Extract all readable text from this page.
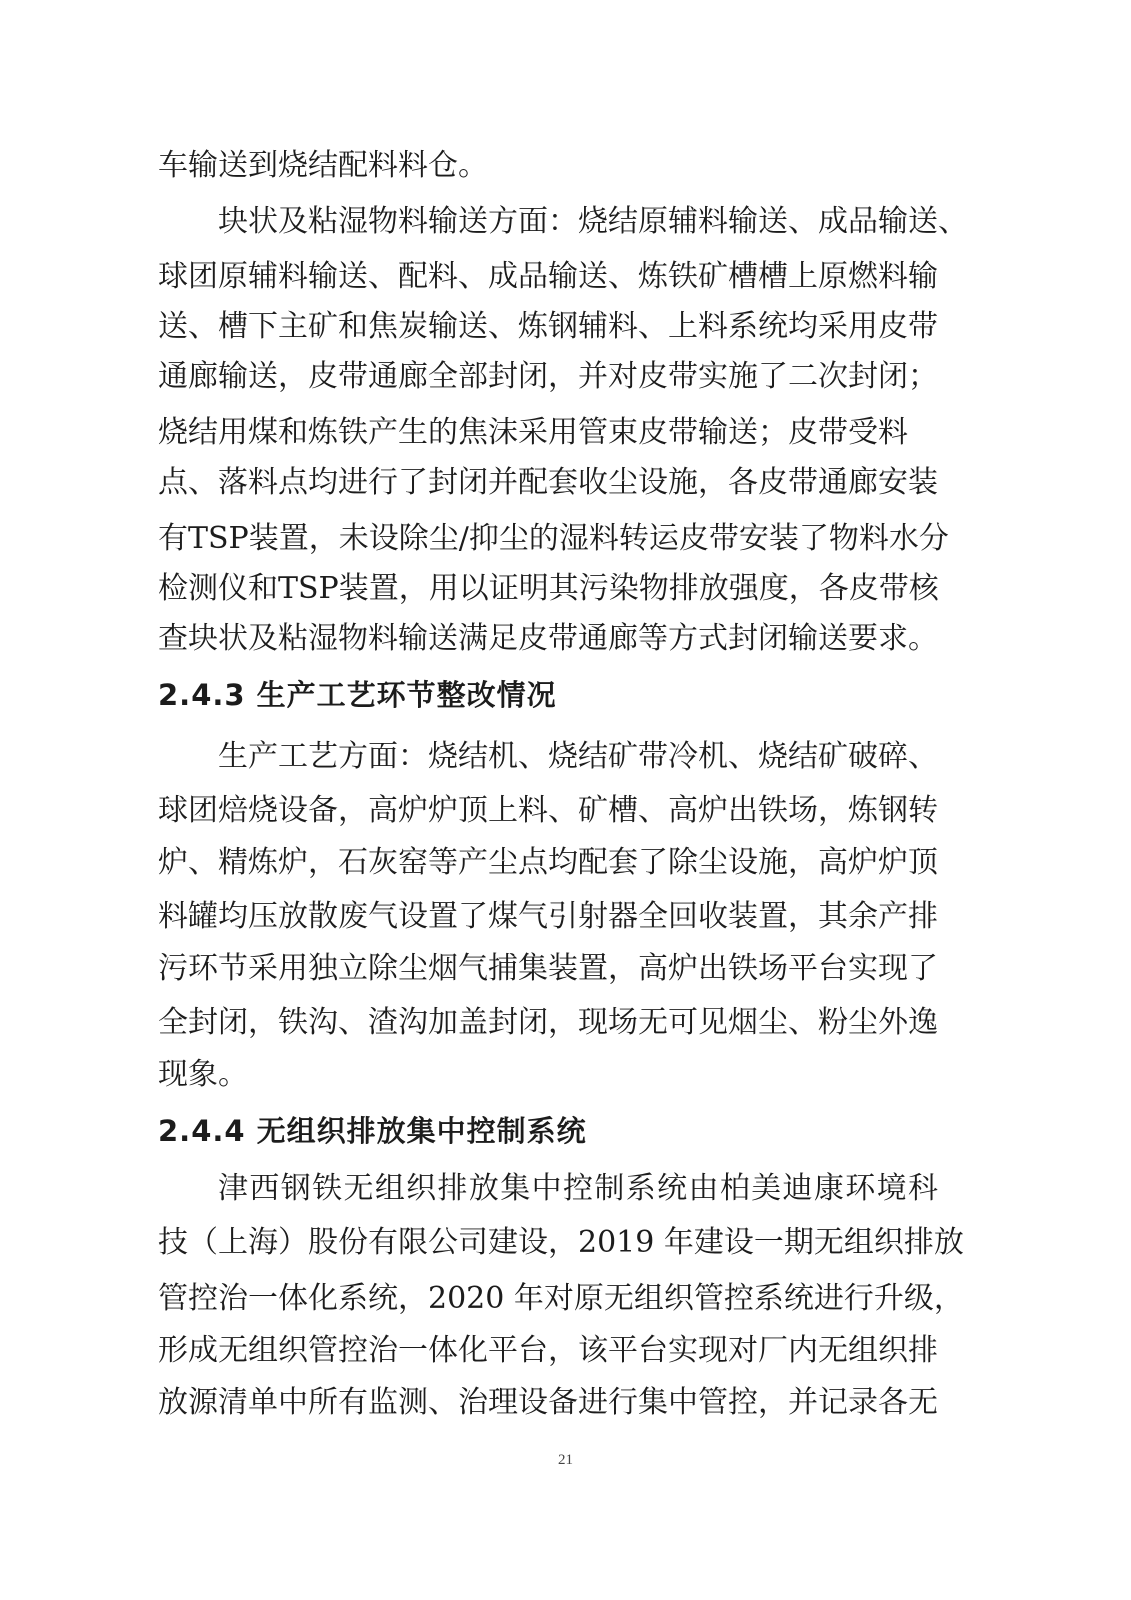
车输送到烧结配料料仓。
块状及粘湿物料输送方面：烧结原辅料输送、成品输送、
球团原辅料输送、配料、成品输送、炼铁矿槽槽上原燃料输
送、槽下主矿和焦炭输送、炼钢辅料、上料系统均采用皮带
通廊输送，皮带通廊全部封闭，并对皮带实施了二次封闭；
烧结用煤和炼铁产生的焦沫采用管束皮带输送；皮带受料
点、落料点均进行了封闭并配套收尘设施，各皮带通廊安装
有TSP装置，未设除尘/抑尘的湿料转运皮带安装了物料水分
检测仪和TSP装置，用以证明其污染物排放强度，各皮带核
查块状及粘湿物料输送满足皮带通廊等方式封闭输送要求。
2.4.3 生产工艺环节整改情况
生产工艺方面：烧结机、烧结矿带冷机、烧结矿破碎、
球团焙烧设备，高炉炉顶上料、矿槽、高炉出铁场，炼钢转
炉、精炼炉，石灰窑等产尘点均配套了除尘设施，高炉炉顶
料罐均压放散废气设置了煤气引射器全回收装置，其余产排
污环节采用独立除尘烟气捕集装置，高炉出铁场平台实现了
全封闭，铁沟、渣沟加盖封闭，现场无可见烟尘、粉尘外逸
现象。
2.4.4 无组织排放集中控制系统
津西钢铁无组织排放集中控制系统由柏美迪康环境科
技（上海）股份有限公司建设，2019 年建设一期无组织排放
管控治一体化系统，2020 年对原无组织管控系统进行升级，
形成无组织管控治一体化平台，该平台实现对厂内无组织排
放源清单中所有监测、治理设备进行集中管控，并记录各无
21
